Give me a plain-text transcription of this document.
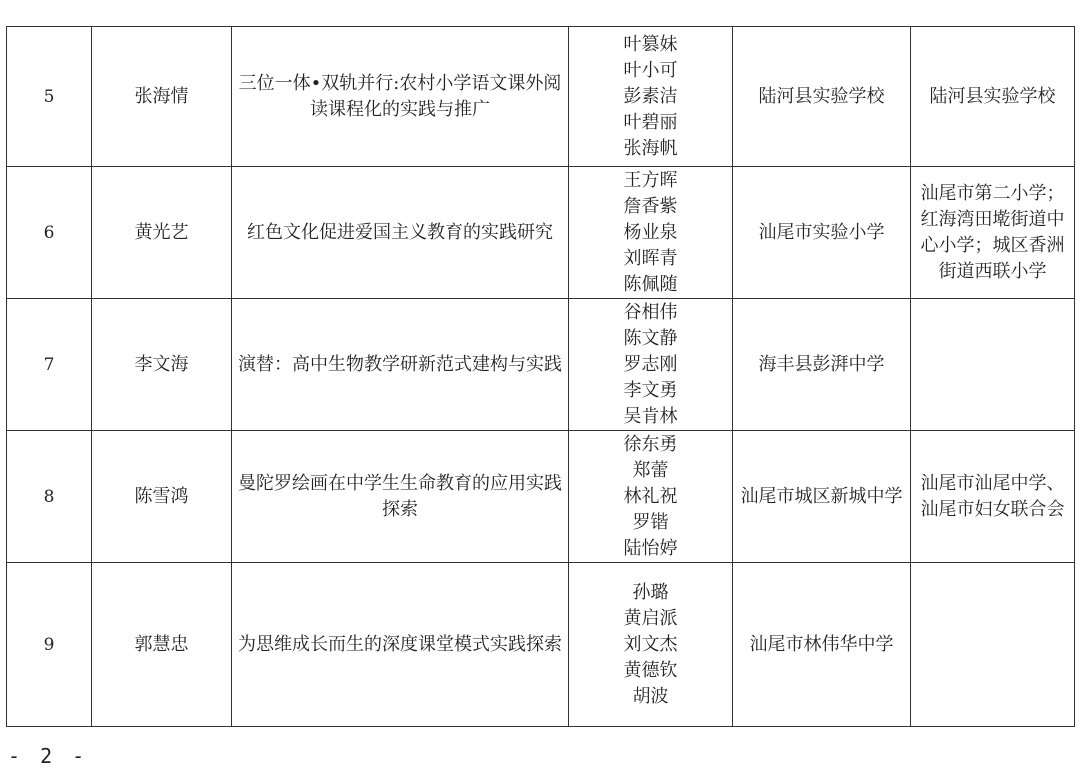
5	张海情	三位一体•双轨并行:农村小学语文课外阅读课程化的实践与推广	叶篡妹
叶小可
彭素洁
叶碧丽
张海帆	陆河县实验学校	陆河县实验学校
6	黄光艺	红色文化促进爱国主义教育的实践研究	王方晖
詹香紫
杨业泉
刘晖青
陈佩随	汕尾市实验小学	汕尾市第二小学；红海湾田墘街道中心小学；城区香洲街道西联小学
7	李文海	演替：高中生物教学研新范式建构与实践	谷相伟
陈文静
罗志刚
李文勇
吴肯林	海丰县彭湃中学	
8	陈雪鸿	曼陀罗绘画在中学生生命教育的应用实践探索	徐东勇
郑蕾
林礼祝
罗锴
陆怡婷	汕尾市城区新城中学	汕尾市汕尾中学、汕尾市妇女联合会
9	郭慧忠	为思维成长而生的深度课堂模式实践探索	孙璐
黄启派
刘文杰
黄德钦
胡波	汕尾市林伟华中学	
- 2 -
